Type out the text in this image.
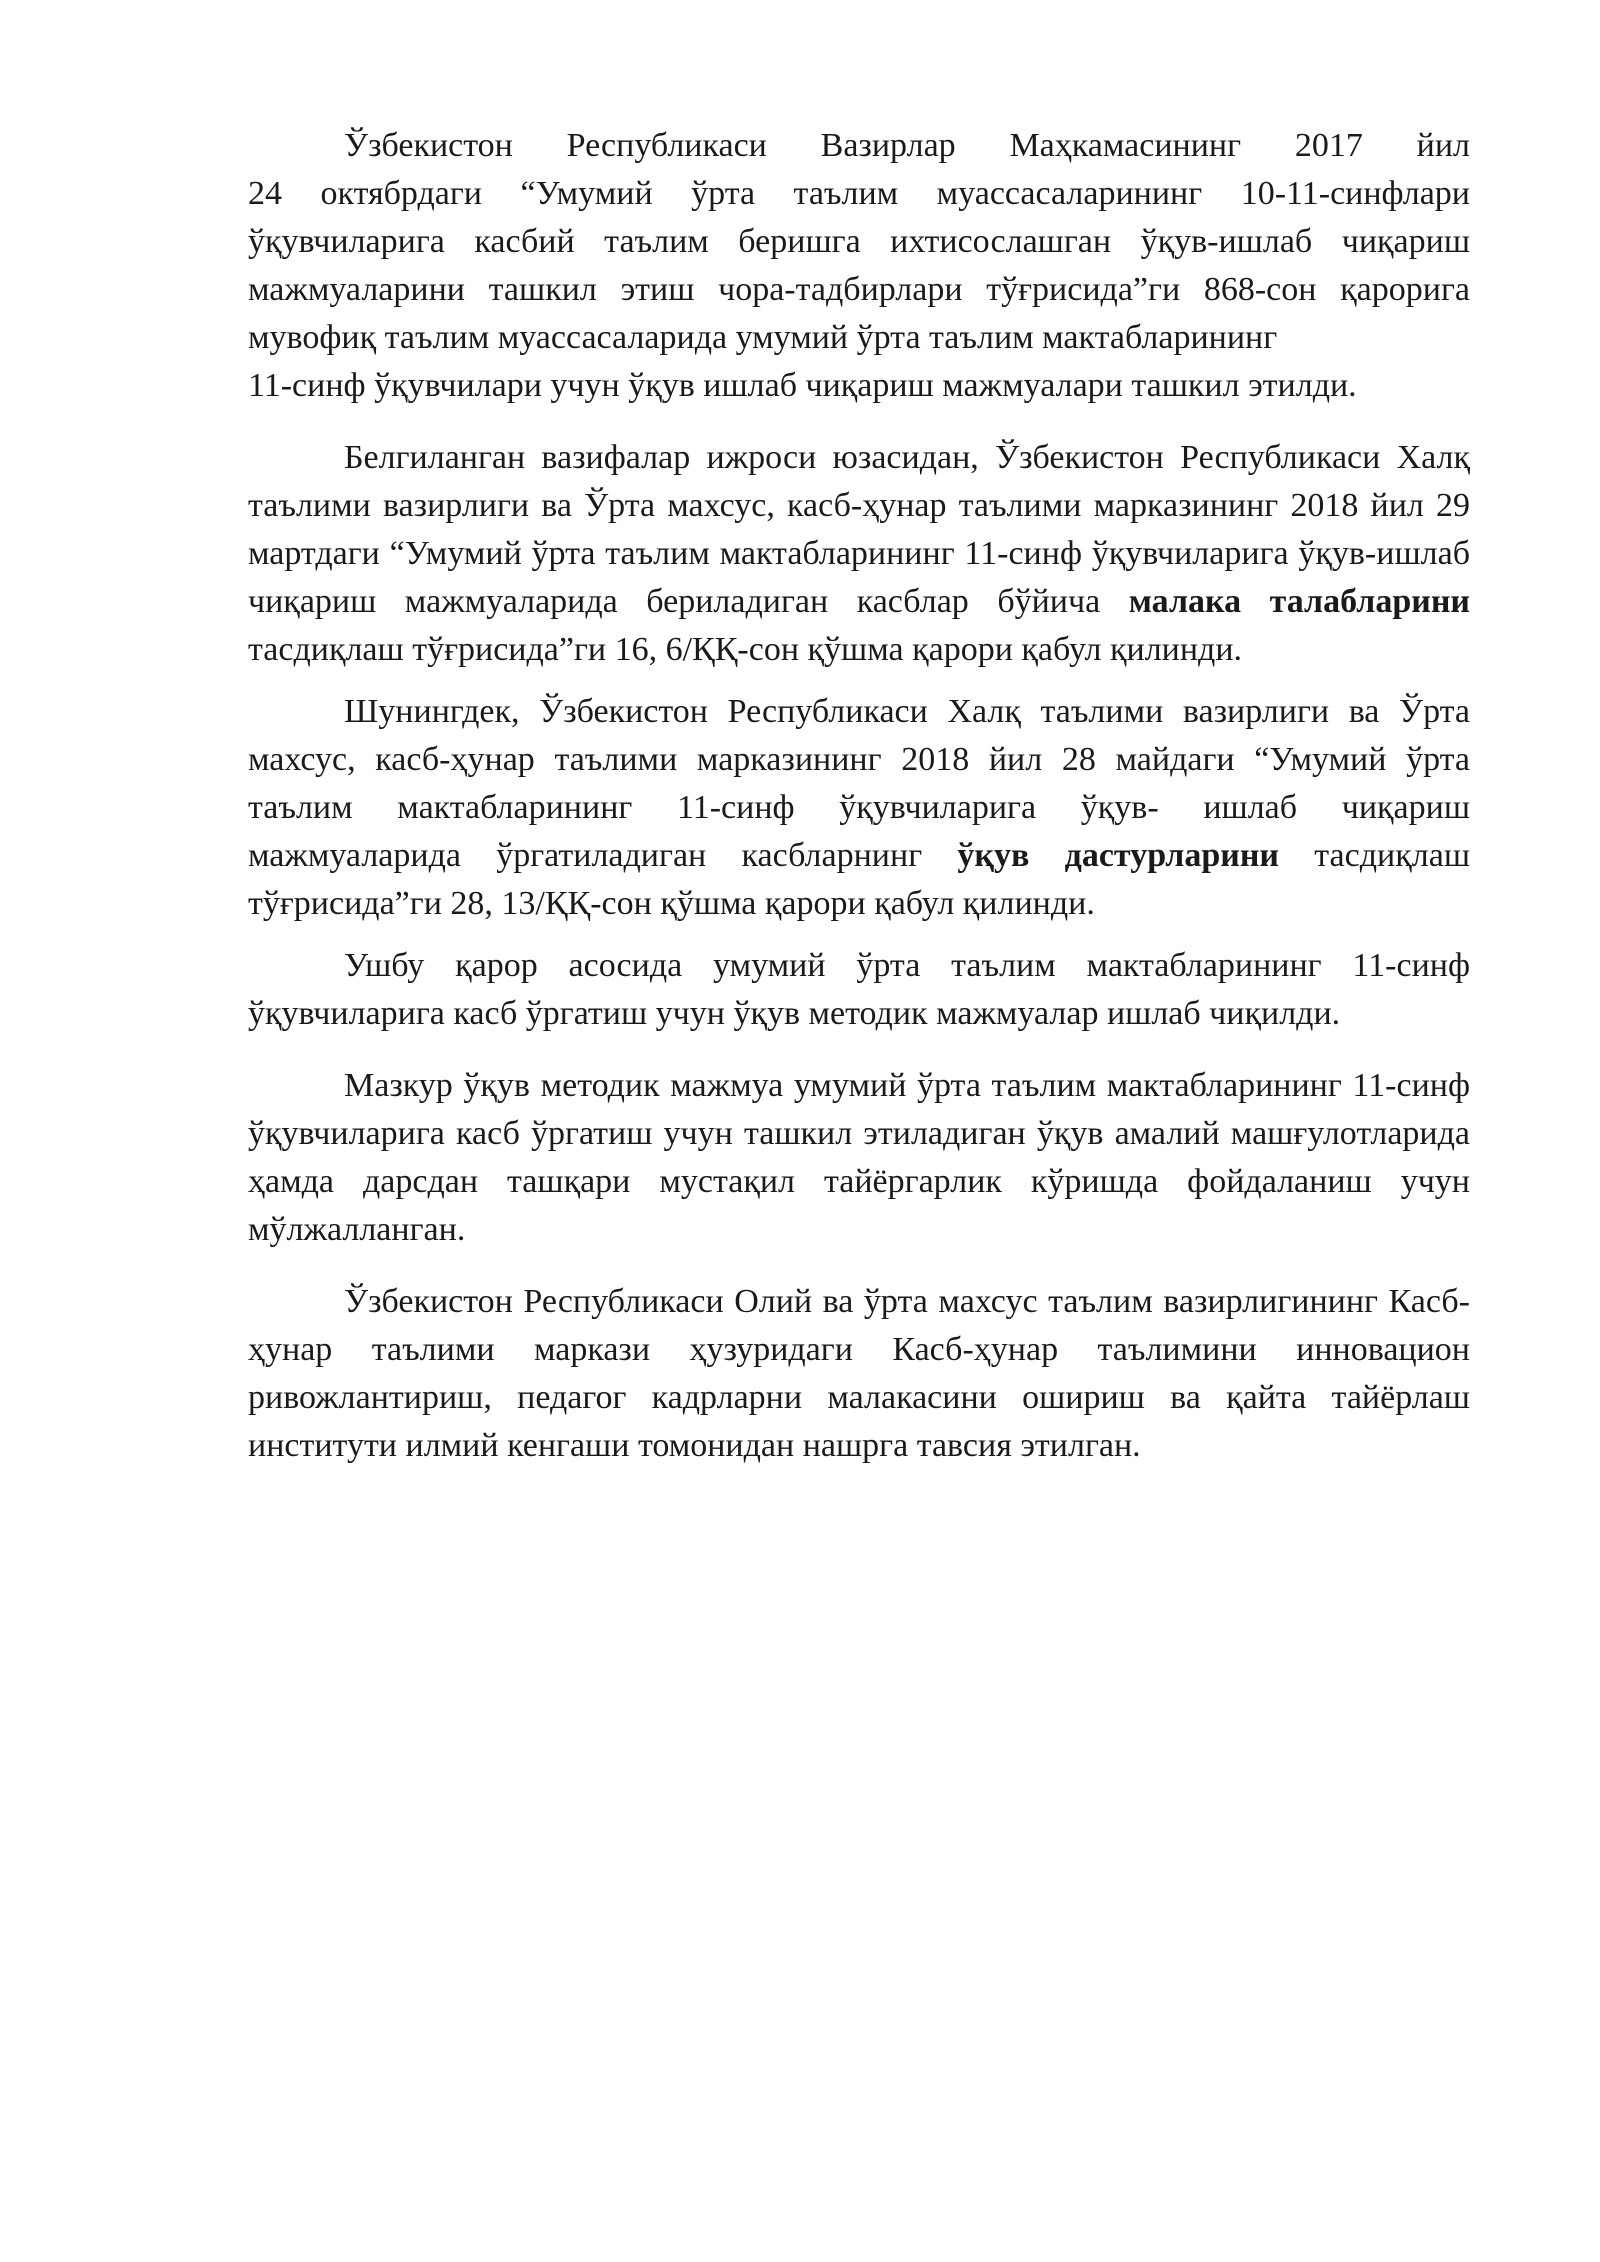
Ўзбекистон Республикаси Вазирлар Маҳкамасининг 2017 йил
24 октябрдаги “Умумий ўрта таълим муассасаларининг 10-11-синфлари ўқувчиларига касбий таълим беришга ихтисослашган ўқув-ишлаб чиқариш мажмуаларини ташкил этиш чора-тадбирлари тўғрисида”ги 868-сон қарорига мувофиқ таълим муассасаларида умумий ўрта таълим мактабларининг
11-синф ўқувчилари учун ўқув ишлаб чиқариш мажмуалари ташкил этилди.

Белгиланган вазифалар ижроси юзасидан, Ўзбекистон Республикаси Халқ таълими вазирлиги ва Ўрта махсус, касб-ҳунар таълими марказининг 2018 йил 29 мартдаги “Умумий ўрта таълим мактабларининг 11-синф ўқувчиларига ўқув-ишлаб чиқариш мажмуаларида бериладиган касблар бўйича малака талабларини тасдиқлаш тўғрисида”ги 16, 6/ҚҚ-сон қўшма қарори қабул қилинди.

Шунингдек, Ўзбекистон Республикаси Халқ таълими вазирлиги ва Ўрта махсус, касб-ҳунар таълими марказининг 2018 йил 28 майдаги “Умумий ўрта таълим мактабларининг 11-синф ўқувчиларига ўқув- ишлаб чиқариш мажмуаларида ўргатиладиган касбларнинг ўқув дастурларини тасдиқлаш тўғрисида”ги 28, 13/ҚҚ-сон қўшма қарори қабул қилинди.

Ушбу қарор асосида умумий ўрта таълим мактабларининг 11-синф ўқувчиларига касб ўргатиш учун ўқув методик мажмуалар ишлаб чиқилди.

Мазкур ўқув методик мажмуа умумий ўрта таълим мактабларининг 11-синф ўқувчиларига касб ўргатиш учун ташкил этиладиган ўқув амалий машғулотларида ҳамда дарсдан ташқари мустақил тайёргарлик кўришда фойдаланиш учун мўлжалланган.

Ўзбекистон Республикаси Олий ва ўрта махсус таълим вазирлигининг Касб-ҳунар таълими маркази ҳузуридаги Касб-ҳунар таълимини инновацион ривожлантириш, педагог кадрларни малакасини ошириш ва қайта тайёрлаш институти илмий кенгаши томонидан нашрга тавсия этилган.
